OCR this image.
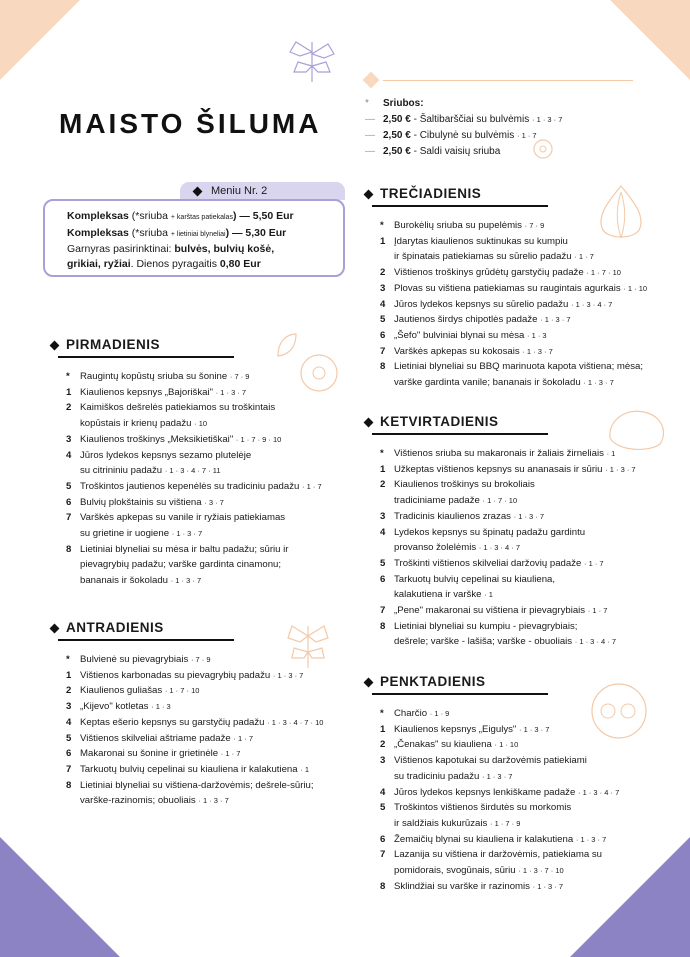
MAISTO ŠILUMA
*	Sriubos:
— 2,50 € - Šaltibarščiai su bulvėmis · 1 · 3 · 7
— 2,50 € - Cibulynė su bulvėmis · 1 · 7
— 2,50 € - Saldi vaisių sriuba
Meniu Nr. 2
Kompleksas (*sriuba + karštas patiekalas) — 5,50 Eur
Kompleksas (*sriuba + lietiniai blyneliai) — 5,30 Eur
Garnyras pasirinktinai: bulvės, bulvių košė,
grikiai, ryžiai. Dienos pyragaitis 0,80 Eur
PIRMADIENIS
*	Raugintų kopūstų sriuba su šonine · 7 · 9
1 Kiaulienos kepsnys „Bajoriškai" · 1 · 3 · 7
2 Kaimiškos dešrelės patiekiamos su troškintais
kopūstais ir krienų padažu · 10
3 Kiaulienos troškinys „Meksikietiškai" · 1 · 7 · 9 · 10
4 Jūros lydekos kepsnys sezamo plutelėje
su citrininiu padažu · 1 · 3 · 4 · 7 · 11
5 Troškintos jautienos kepenėlės su tradiciniu padažu · 1 · 7
6 Bulvių plokštainis su vištiena · 3 · 7
7 Varškės apkepas su vanile ir ryžiais patiekiamas
su grietine ir uogiene · 1 · 3 · 7
8 Lietiniai blyneliai su mėsa ir baltu padažu; sūriu ir
pievagrybių padažu; varške gardinta cinamonu;
bananais ir šokoladu · 1 · 3 · 7
ANTRADIENIS
*	Bulvienė su pievagrybiais · 7 · 9
1 Vištienos karbonadas su pievagrybių padažu · 1 · 3 · 7
2 Kiaulienos guliašas · 1 · 7 · 10
3 „Kijevo" kotletas · 1 · 3
4 Keptas ešerio kepsnys su garstyčių padažu · 1 · 3 · 4 · 7 · 10
5 Vištienos skilveliai aštriame padaže · 1 · 7
6 Makaronai su šonine ir grietinėle · 1 · 7
7 Tarkuotų bulvių cepelinai su kiauliena ir kalakutiena · 1
8 Lietiniai blyneliai su vištiena-daržovėmis; dešrele-sūriu;
varške-razinomis; obuoliais · 1 · 3 · 7
TREČIADIENIS
*	Burokėlių sriuba su pupelėmis · 7 · 9
1 Įdarytas kiaulienos suktinukas su kumpiu
ir špinatais patiekiamas su sūrelio padažu · 1 · 7
2 Vištienos troškinys grūdėtų garstyčių padaže · 1 · 7 · 10
3 Plovas su vištiena patiekiamas su raugintais agurkais · 1 · 10
4 Jūros lydekos kepsnys su sūrelio padažu · 1 · 3 · 4 · 7
5 Jautienos širdys chipotlės padaže · 1 · 3 · 7
6 „Šefo" bulviniai blynai su mėsa · 1 · 3
7 Varškės apkepas su kokosais · 1 · 3 · 7
8 Lietiniai blyneliai su BBQ marinuota kapota vištiena; mėsa;
varške gardinta vanile; bananais ir šokoladu · 1 · 3 · 7
KETVIRTADIENIS
*	Vištienos sriuba su makaronais ir žaliais žirneliais · 1
1 Užkeptas vištienos kepsnys su ananasais ir sūriu · 1 · 3 · 7
2 Kiaulienos troškinys su brokoliais
tradiciniame padaže · 1 · 7 · 10
3 Tradicinis kiaulienos zrazas · 1 · 3 · 7
4 Lydekos kepsnys su špinatų padažu gardintu
provanso žolelėmis · 1 · 3 · 4 · 7
5 Troškinti vištienos skilveliai daržovių padaže · 1 · 7
6 Tarkuotų bulvių cepelinai su kiauliena,
kalakutiena ir varške · 1
7 „Pene" makaronai su vištiena ir pievagrybiais · 1 · 7
8 Lietiniai blyneliai su kumpiu - pievagrybiais;
dešrele; varške - lašiša; varške - obuoliais · 1 · 3 · 4 · 7
PENKTADIENIS
*	Charčio · 1 · 9
1 Kiaulienos kepsnys „Eigulys" · 1 · 3 · 7
2 „Čenakas" su kiauliena · 1 · 10
3 Vištienos kapotukai su daržovėmis patiekiami
su tradiciniu padažu · 1 · 3 · 7
4 Jūros lydekos kepsnys lenkiškame padaže · 1 · 3 · 4 · 7
5 Troškintos vištienos širdutės su morkomis
ir saldžiais kukurūzais · 1 · 7 · 9
6 Žemaičių blynai su kiauliena ir kalakutiena · 1 · 3 · 7
7 Lazanija su vištiena ir daržovėmis, patiekiama su
pomidorais, svogūnais, sūriu · 1 · 3 · 7 · 10
8 Sklindžiai su varške ir razinomis · 1 · 3 · 7
